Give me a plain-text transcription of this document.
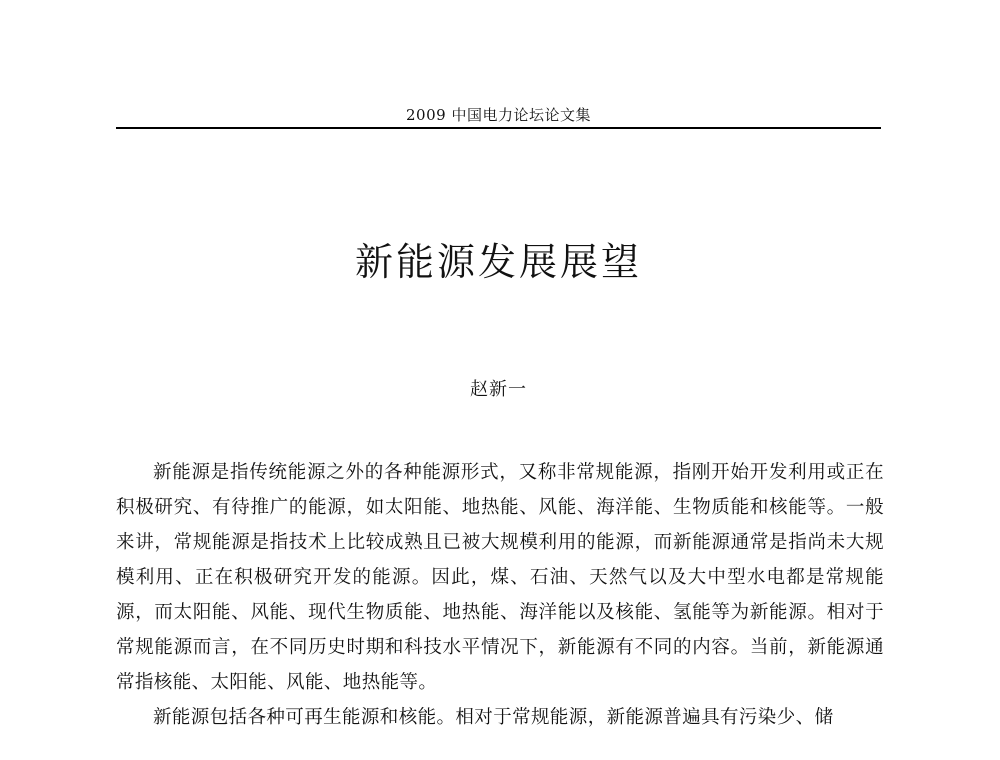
2009 中国电力论坛论文集
新能源发展展望
赵新一

新能源是指传统能源之外的各种能源形式，又称非常规能源，指刚开始开发利用或正在积极研究、有待推广的能源，如太阳能、地热能、风能、海洋能、生物质能和核能等。一般来讲，常规能源是指技术上比较成熟且已被大规模利用的能源，而新能源通常是指尚未大规模利用、正在积极研究开发的能源。因此，煤、石油、天然气以及大中型水电都是常规能源，而太阳能、风能、现代生物质能、地热能、海洋能以及核能、氢能等为新能源。相对于常规能源而言，在不同历史时期和科技水平情况下，新能源有不同的内容。当前，新能源通常指核能、太阳能、风能、地热能等。

新能源包括各种可再生能源和核能。相对于常规能源，新能源普遍具有污染少、储
